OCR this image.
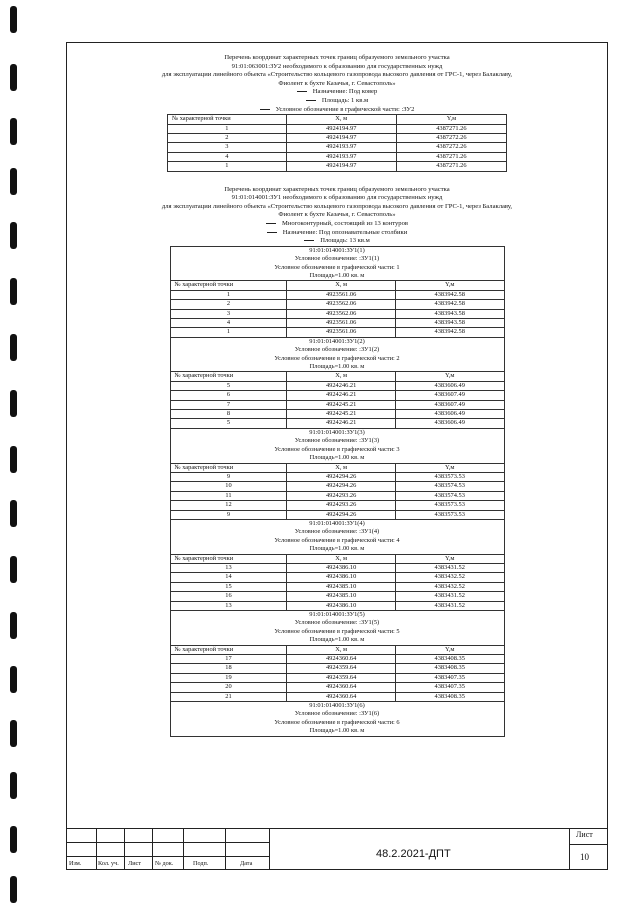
Перечень координат характерных точек границ образуемого земельного участка
91:01:063001:ЗУ2 необходимого к образованию для государственных нужд
для эксплуатации линейного объекта «Строительство кольцевого газопровода высокого давления от ГРС-1, через Балаклаву,
Фиолент к бухте Казачья, г. Севастополь»
Назначение: Под ковер
Площадь: 1 кв.м
Условное обозначение в графической части: :ЗУ2
№ характерной точки	X, м	Y,м
1	4924194.97	4387271.26
2	4924194.97	4387272.26
3	4924193.97	4387272.26
4	4924193.97	4387271.26
1	4924194.97	4387271.26
Перечень координат характерных точек границ образуемого земельного участка
91:01:014001:ЗУ1 необходимого к образованию для государственных нужд
для эксплуатации линейного объекта «Строительство кольцевого газопровода высокого давления от ГРС-1, через Балаклаву,
Фиолент к бухте Казачья, г. Севастополь»
Многоконтурный, состоящий из 13 контуров
Назначение: Под опознавательные столбики
Площадь: 13 кв.м
91:01:014001:ЗУ1(1)		
Условное обозначение: :ЗУ1(1)		
Условное обозначение в графической части: 1		
Площадь=1.00 кв. м		
№ характерной точки	X, м	Y,м
1	4923561.06	4383942.58
2	4923562.06	4383942.58
3	4923562.06	4383943.58
4	4923561.06	4383943.58
1	4923561.06	4383942.58
91:01:014001:ЗУ1(2)		
Условное обозначение: :ЗУ1(2)		
Условное обозначение в графической части: 2		
Площадь=1.00 кв. м		
№ характерной точки	X, м	Y,м
5	4924246.21	4383606.49
6	4924246.21	4383607.49
7	4924245.21	4383607.49
8	4924245.21	4383606.49
5	4924246.21	4383606.49
91:01:014001:ЗУ1(3)		
Условное обозначение: :ЗУ1(3)		
Условное обозначение в графической части: 3		
Площадь=1.00 кв. м		
№ характерной точки	X, м	Y,м
9	4924294.26	4383573.53
10	4924294.26	4383574.53
11	4924293.26	4383574.53
12	4924293.26	4383573.53
9	4924294.26	4383573.53
91:01:014001:ЗУ1(4)		
Условное обозначение: :ЗУ1(4)		
Условное обозначение в графической части: 4		
Площадь=1.00 кв. м		
№ характерной точки	X, м	Y,м
13	4924386.10	4383431.52
14	4924386.10	4383432.52
15	4924385.10	4383432.52
16	4924385.10	4383431.52
13	4924386.10	4383431.52
91:01:014001:ЗУ1(5)		
Условное обозначение: :ЗУ1(5)		
Условное обозначение в графической части: 5		
Площадь=1.00 кв. м		
№ характерной точки	X, м	Y,м
17	4924360.64	4383408.35
18	4924359.64	4383408.35
19	4924359.64	4383407.35
20	4924360.64	4383407.35
21	4924360.64	4383408.35
91:01:014001:ЗУ1(6)		
Условное обозначение: :ЗУ1(6)		
Условное обозначение в графической части: 6		
Площадь=1.00 кв. м		
Изм.	Кол. уч. Лист № док.	Подп.	Дата
48.2.2021-ДПТ
Лист
10
